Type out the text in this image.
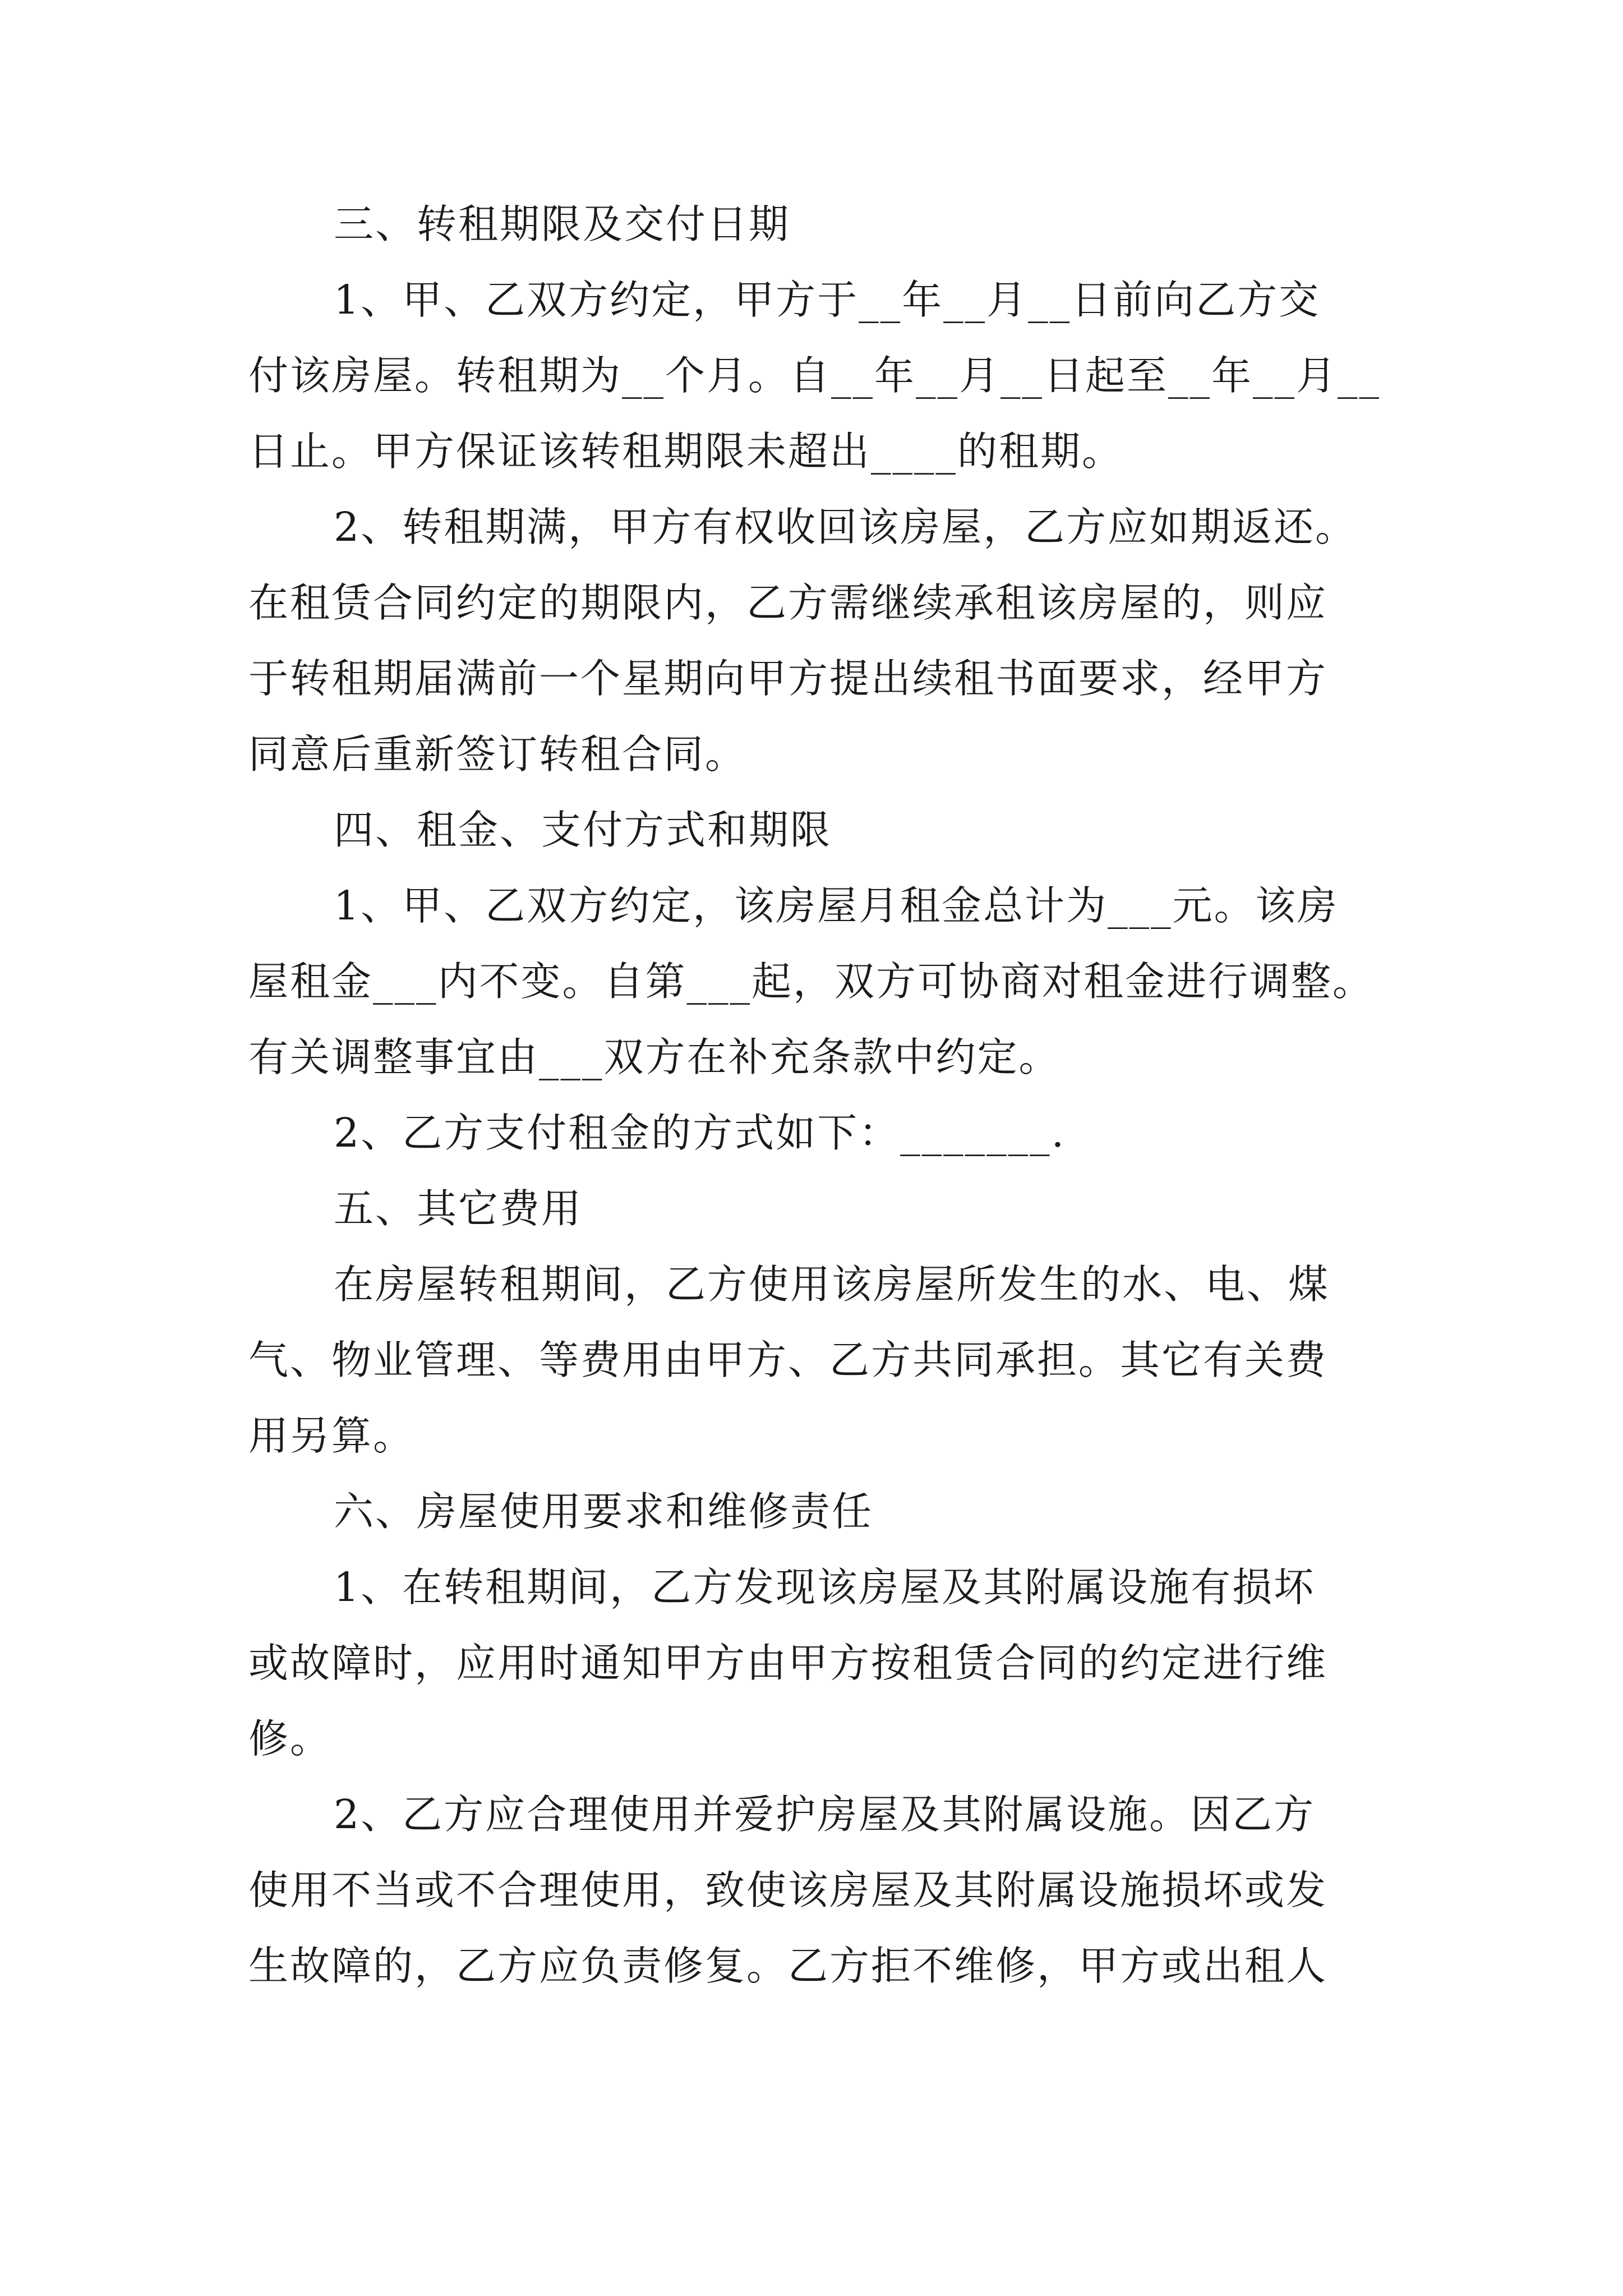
三、转租期限及交付日期
1、甲、乙双方约定，甲方于__年__月__日前向乙方交
付该房屋。转租期为__个月。自__年__月__日起至__年__月__
日止。甲方保证该转租期限未超出____的租期。
2、转租期满，甲方有权收回该房屋，乙方应如期返还。
在租赁合同约定的期限内，乙方需继续承租该房屋的，则应
于转租期届满前一个星期向甲方提出续租书面要求，经甲方
同意后重新签订转租合同。
四、租金、支付方式和期限
1、甲、乙双方约定，该房屋月租金总计为___元。该房
屋租金___内不变。自第___起，双方可协商对租金进行调整。
有关调整事宜由___双方在补充条款中约定。
2、乙方支付租金的方式如下：_______.
五、其它费用
在房屋转租期间，乙方使用该房屋所发生的水、电、煤
气、物业管理、等费用由甲方、乙方共同承担。其它有关费
用另算。
六、房屋使用要求和维修责任
1、在转租期间，乙方发现该房屋及其附属设施有损坏
或故障时，应用时通知甲方由甲方按租赁合同的约定进行维
修。
2、乙方应合理使用并爱护房屋及其附属设施。因乙方
使用不当或不合理使用，致使该房屋及其附属设施损坏或发
生故障的，乙方应负责修复。乙方拒不维修，甲方或出租人
